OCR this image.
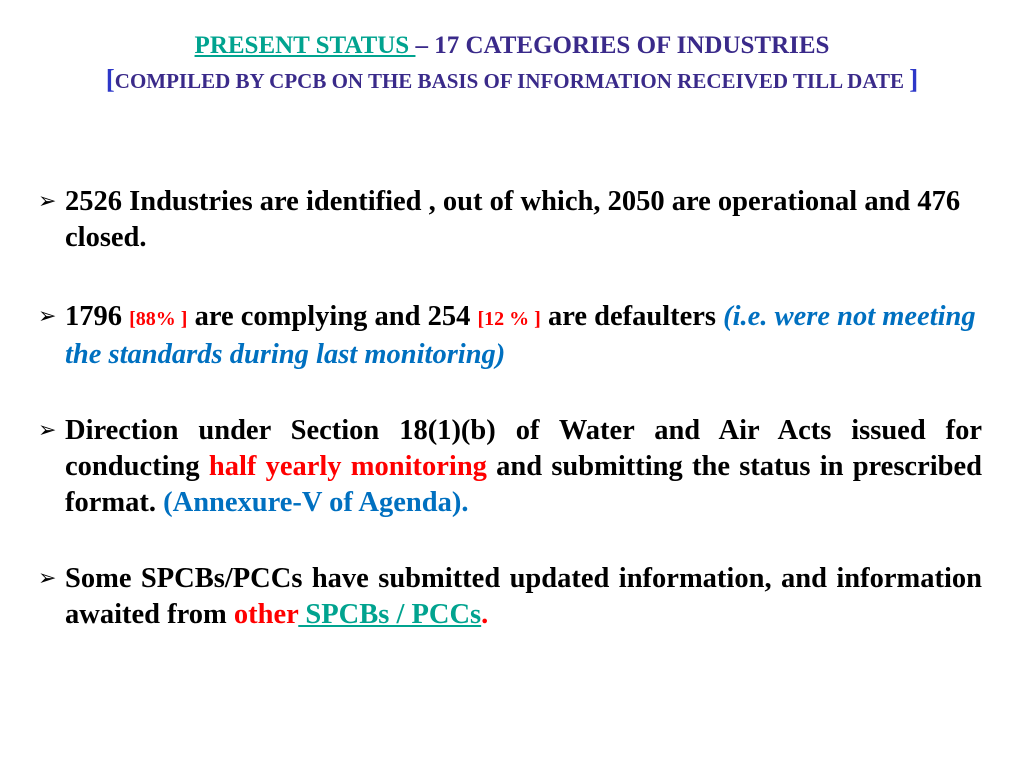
PRESENT STATUS – 17 CATEGORIES OF INDUSTRIES
[COMPILED BY CPCB ON THE BASIS OF INFORMATION RECEIVED TILL DATE ]
➢ 2526 Industries are identified , out of which, 2050 are operational and 476 closed.
➢ 1796 [88% ] are complying and 254 [12 % ] are defaulters (i.e. were not meeting the standards during last monitoring)
➢ Direction under Section 18(1)(b) of Water and Air Acts issued for conducting half yearly monitoring and submitting the status in prescribed format. (Annexure-V of Agenda).
➢ Some SPCBs/PCCs have submitted updated information, and information awaited from other SPCBs / PCCs.
